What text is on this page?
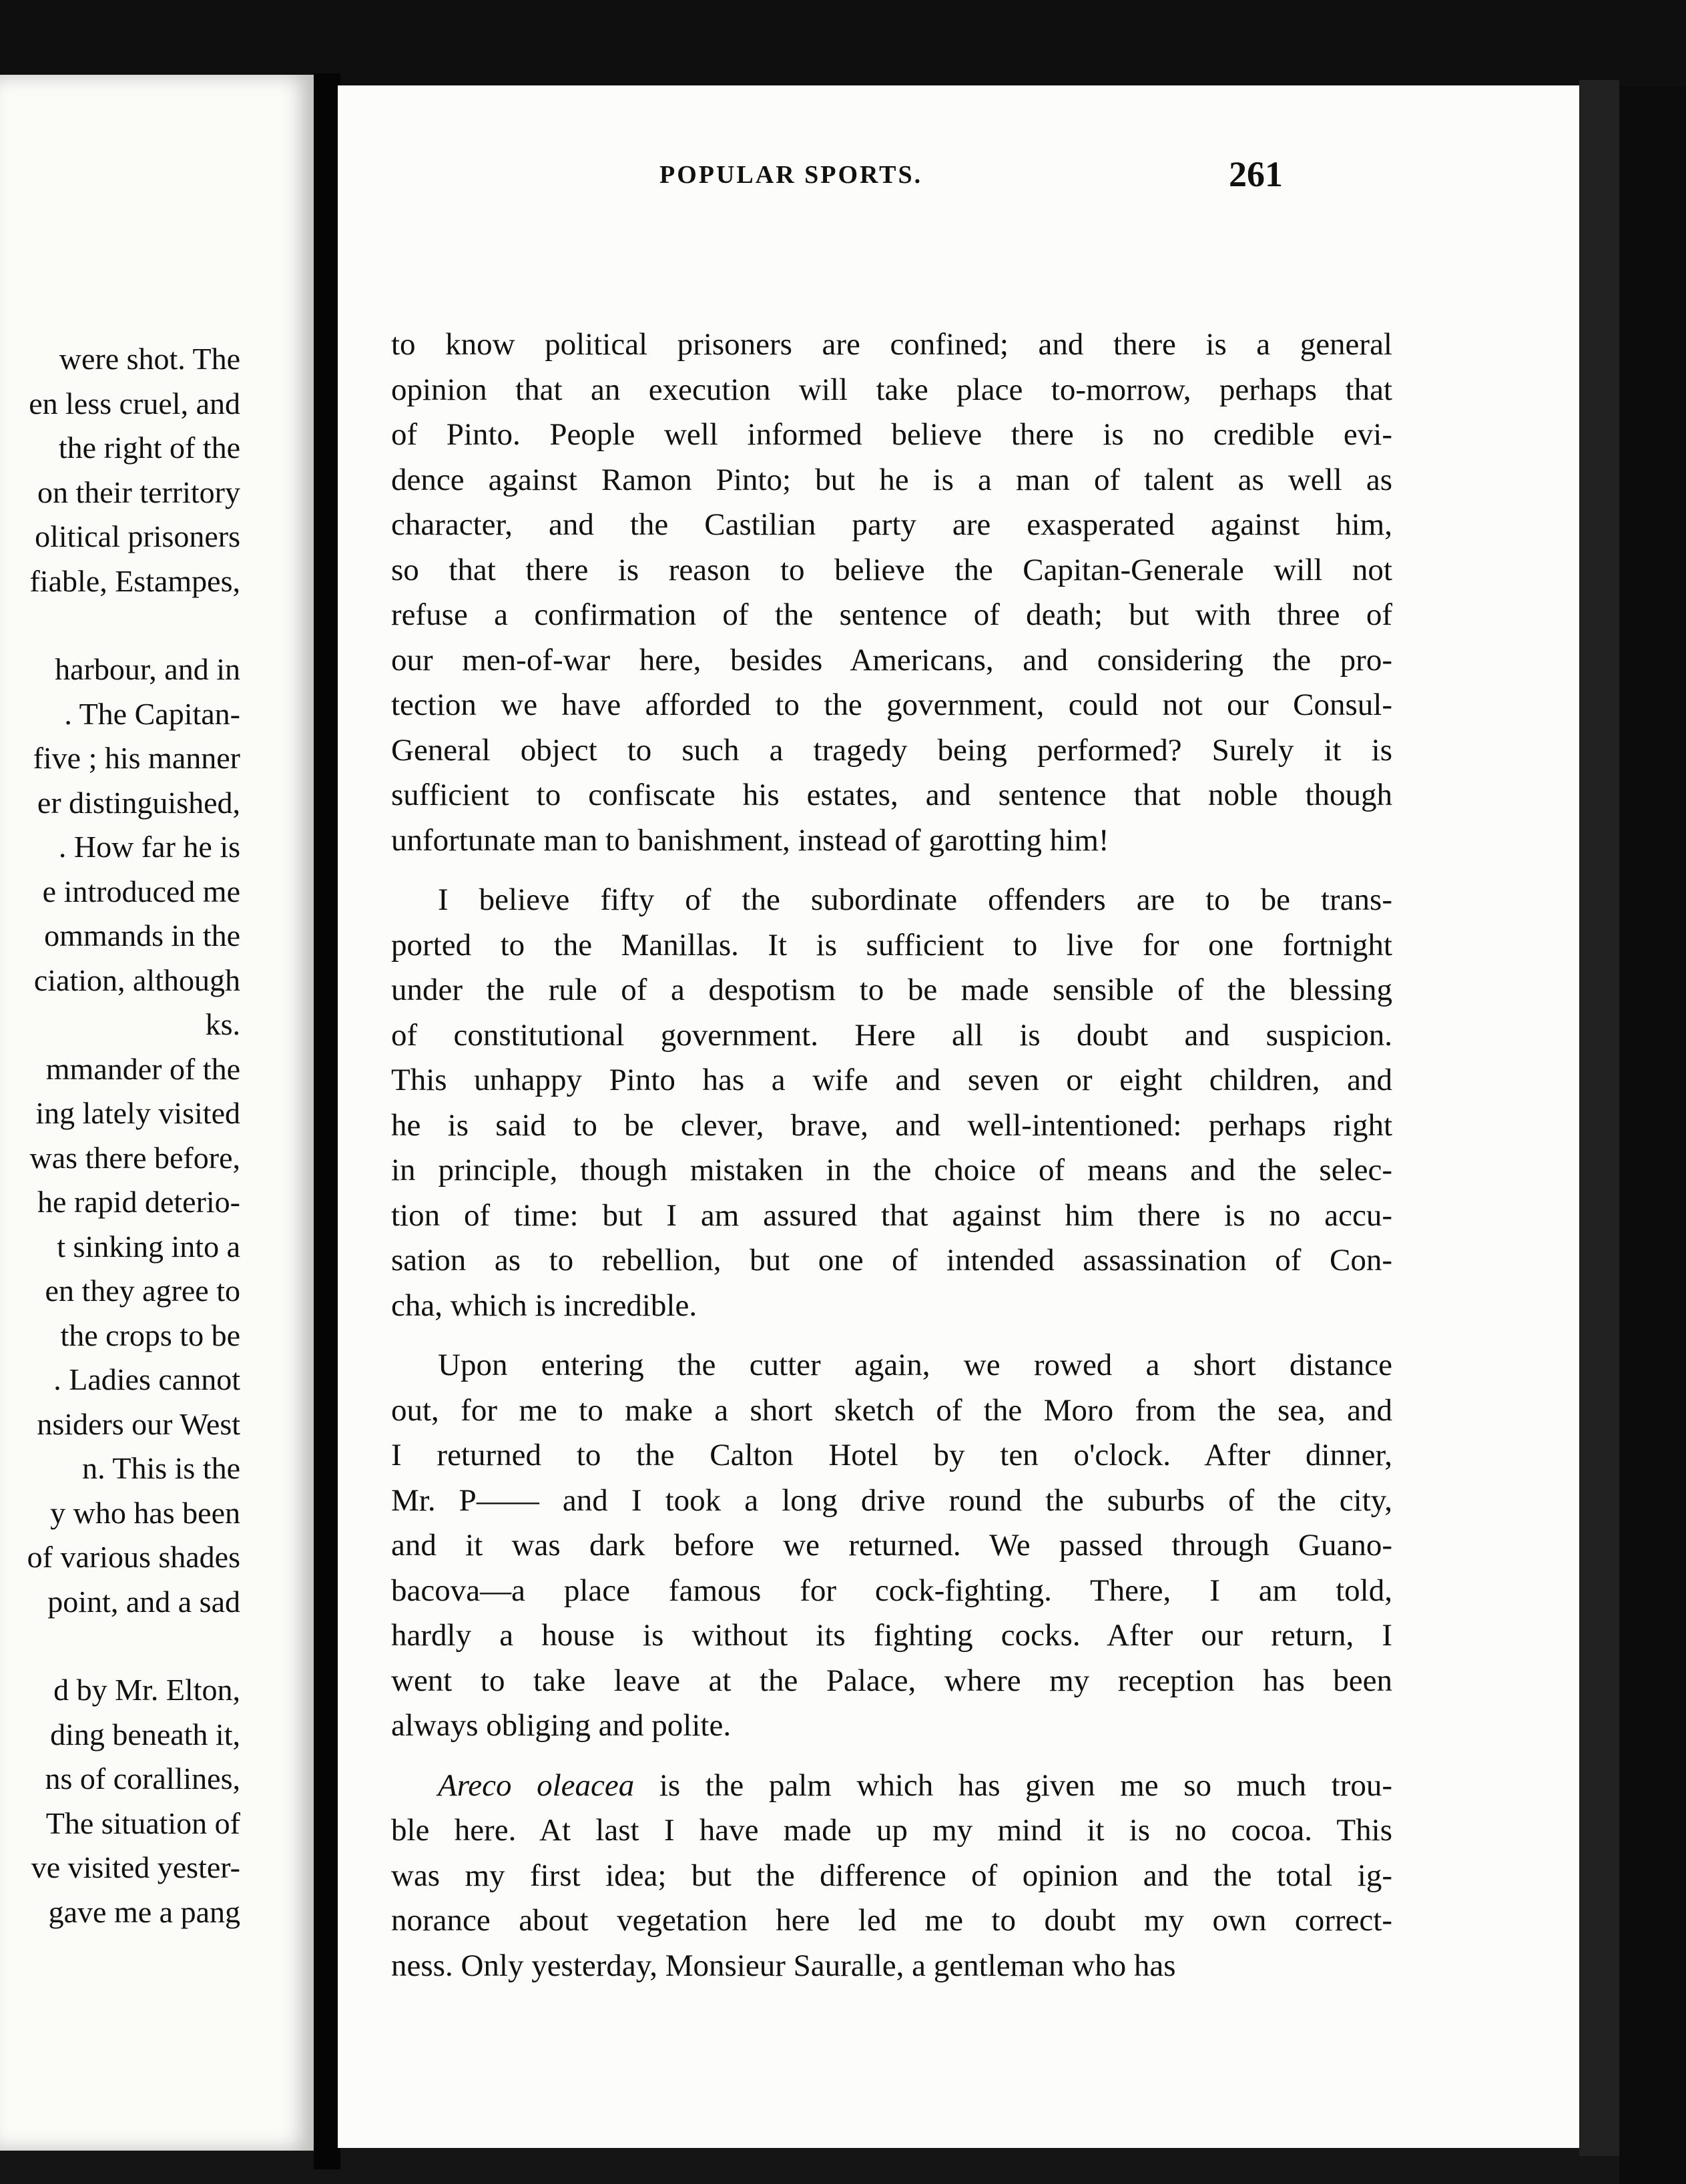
were shot. The
en less cruel, and
the right of the
on their territory
olitical prisoners
fiable, Estampes,
harbour, and in
. The Capitan-
five ; his manner
er distinguished,
. How far he is
e introduced me
ommands in the
ciation, although
ks.
mmander of the
ing lately visited
was there before,
he rapid deterio-
t sinking into a
en they agree to
the crops to be
. Ladies cannot
nsiders our West
n. This is the
y who has been
of various shades
point, and a sad
d by Mr. Elton,
ding beneath it,
ns of corallines,
The situation of
ve visited yester-
gave me a pang
POPULAR SPORTS.	261
to know political prisoners are confined; and there is a general
opinion that an execution will take place to-morrow, perhaps that
of Pinto. People well informed believe there is no credible evi-
dence against Ramon Pinto; but he is a man of talent as well as
character, and the Castilian party are exasperated against him,
so that there is reason to believe the Capitan-Generale will not
refuse a confirmation of the sentence of death; but with three of
our men-of-war here, besides Americans, and considering the pro-
tection we have afforded to the government, could not our Consul-
General object to such a tragedy being performed? Surely it is
sufficient to confiscate his estates, and sentence that noble though
unfortunate man to banishment, instead of garotting him!
I believe fifty of the subordinate offenders are to be trans-
ported to the Manillas. It is sufficient to live for one fortnight
under the rule of a despotism to be made sensible of the blessing
of constitutional government. Here all is doubt and suspicion.
This unhappy Pinto has a wife and seven or eight children, and
he is said to be clever, brave, and well-intentioned: perhaps right
in principle, though mistaken in the choice of means and the selec-
tion of time: but I am assured that against him there is no accu-
sation as to rebellion, but one of intended assassination of Con-
cha, which is incredible.
Upon entering the cutter again, we rowed a short distance
out, for me to make a short sketch of the Moro from the sea, and
I returned to the Calton Hotel by ten o'clock. After dinner,
Mr. P—— and I took a long drive round the suburbs of the city,
and it was dark before we returned. We passed through Guano-
bacova—a place famous for cock-fighting. There, I am told,
hardly a house is without its fighting cocks. After our return, I
went to take leave at the Palace, where my reception has been
always obliging and polite.
Areco oleacea is the palm which has given me so much trou-
ble here. At last I have made up my mind it is no cocoa. This
was my first idea; but the difference of opinion and the total ig-
norance about vegetation here led me to doubt my own correct-
ness. Only yesterday, Monsieur Sauralle, a gentleman who has
